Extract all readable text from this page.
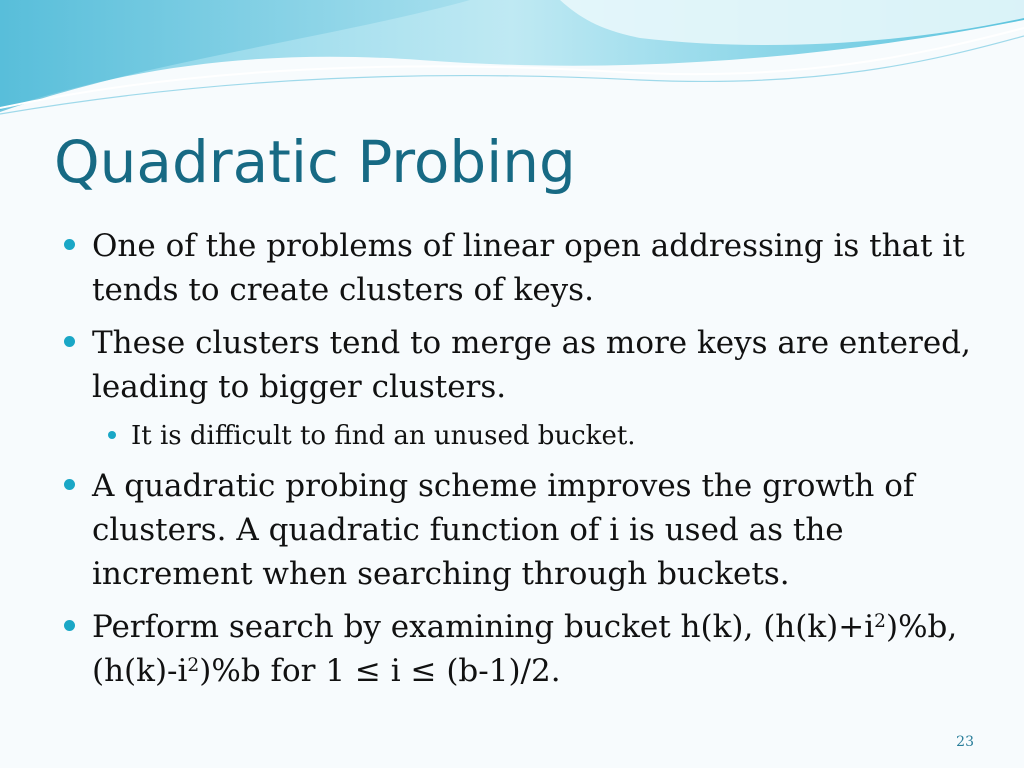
Quadratic Probing
One of the problems of linear open addressing is that it tends to create clusters of keys.
These clusters tend to merge as more keys are entered, leading to bigger clusters.
It is difficult to find an unused bucket.
A quadratic probing scheme improves the growth of clusters. A quadratic function of i is used as the increment when searching through buckets.
Perform search by examining bucket h(k), $(h(k)+i^2)\%b$,
$(h(k)-i^2)\%b$ for 1 ≤ i ≤ (b-1)/2.
23
